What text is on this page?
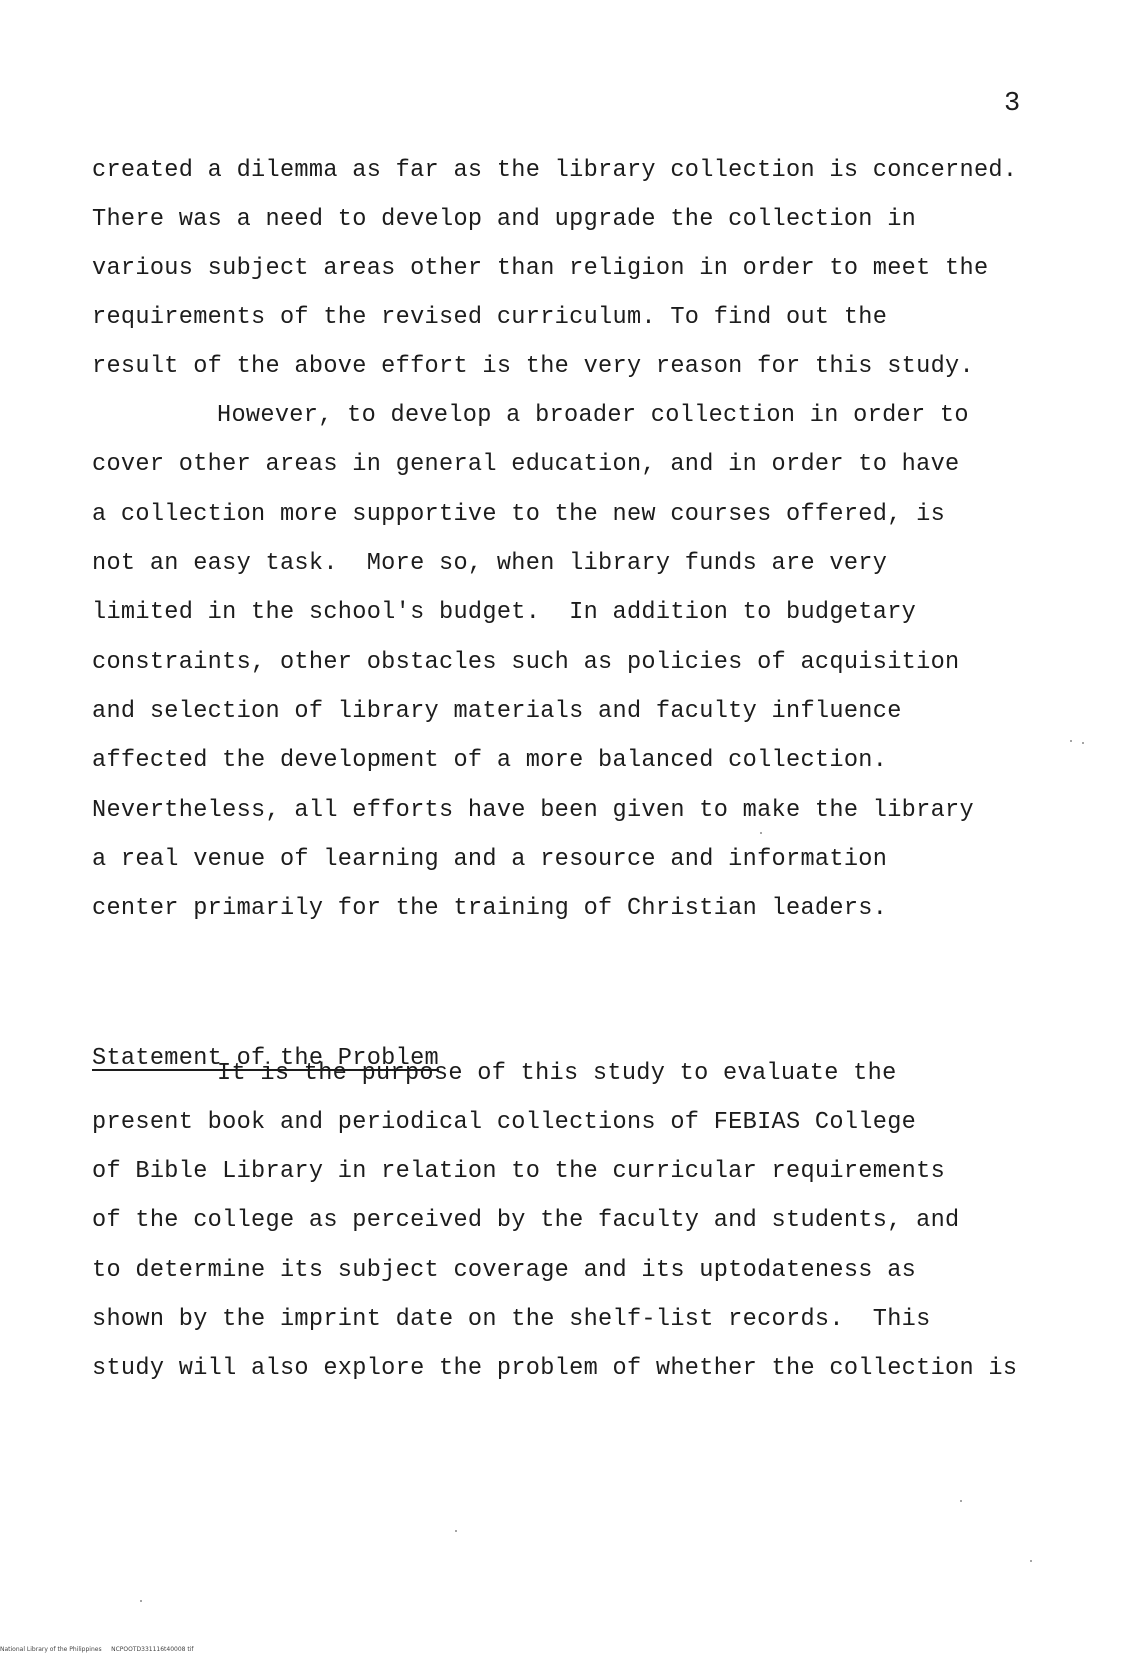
3
created a dilemma as far as the library collection is concerned.
There was a need to develop and upgrade the collection in
various subject areas other than religion in order to meet the
requirements of the revised curriculum. To find out the
result of the above effort is the very reason for this study.
However, to develop a broader collection in order to
cover other areas in general education, and in order to have
a collection more supportive to the new courses offered, is
not an easy task.  More so, when library funds are very
limited in the school's budget.  In addition to budgetary
constraints, other obstacles such as policies of acquisition
and selection of library materials and faculty influence
affected the development of a more balanced collection.
Nevertheless, all efforts have been given to make the library
a real venue of learning and a resource and information
center primarily for the training of Christian leaders.
Statement of the Problem
It is the purpose of this study to evaluate the
present book and periodical collections of FEBIAS College
of Bible Library in relation to the curricular requirements
of the college as perceived by the faculty and students, and
to determine its subject coverage and its uptodateness as
shown by the imprint date on the shelf-list records.  This
study will also explore the problem of whether the collection is
National Library of the Philippines     NCPOOTD331116t40008 tif
